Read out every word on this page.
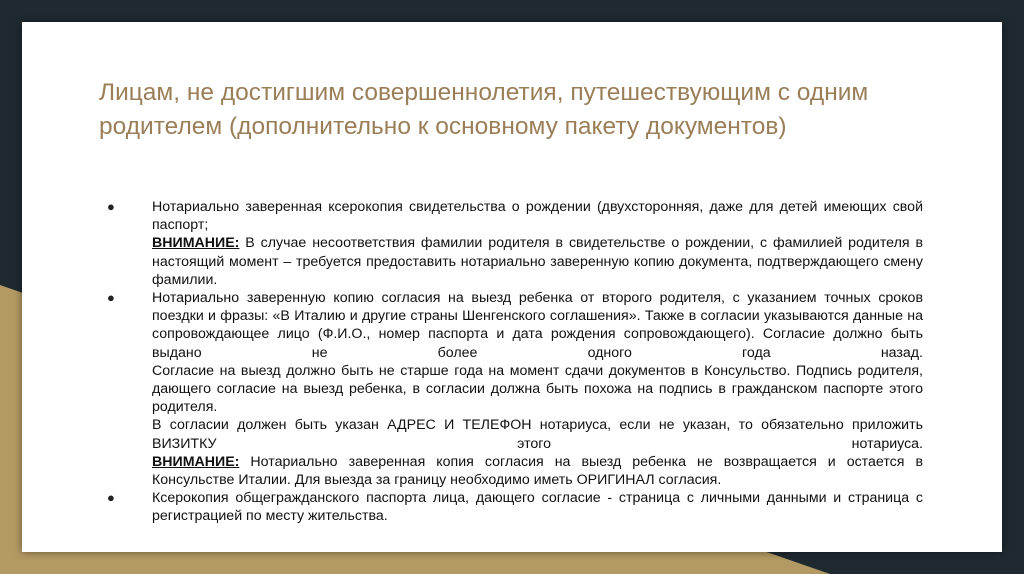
Лицам, не достигшим совершеннолетия, путешествующим с одним родителем (дополнительно к основному пакету документов)
●	Нотариально заверенная ксерокопия свидетельства о рождении (двухсторонняя, даже для детей имеющих свой паспорт;

ВНИМАНИЕ: В случае несоответствия фамилии родителя в свидетельстве о рождении, с фамилией родителя в настоящий момент – требуется предоставить нотариально заверенную копию документа, подтверждающего смену фамилии.

●	Нотариально заверенную копию согласия на выезд ребенка от второго родителя, с указанием точных сроков поездки и фразы: «В Италию и другие страны Шенгенского соглашения». Также в согласии указываются данные на сопровождающее лицо (Ф.И.О., номер паспорта и дата рождения сопровождающего). Согласие должно быть выдано не более одного года назад.

Согласие на выезд должно быть не старше года на момент сдачи документов в Консульство. Подпись родителя, дающего согласие на выезд ребенка, в согласии должна быть похожа на подпись в гражданском паспорте этого родителя.

В согласии должен быть указан АДРЕС И ТЕЛЕФОН нотариуса, если не указан, то обязательно приложить ВИЗИТКУ этого нотариуса.

ВНИМАНИЕ: Нотариально заверенная копия согласия на выезд ребенка не возвращается и остается в Консульстве Италии. Для выезда за границу необходимо иметь ОРИГИНАЛ согласия.

●	Ксерокопия общегражданского паспорта лица, дающего согласие - страница с личными данными и страница с регистрацией по месту жительства.
